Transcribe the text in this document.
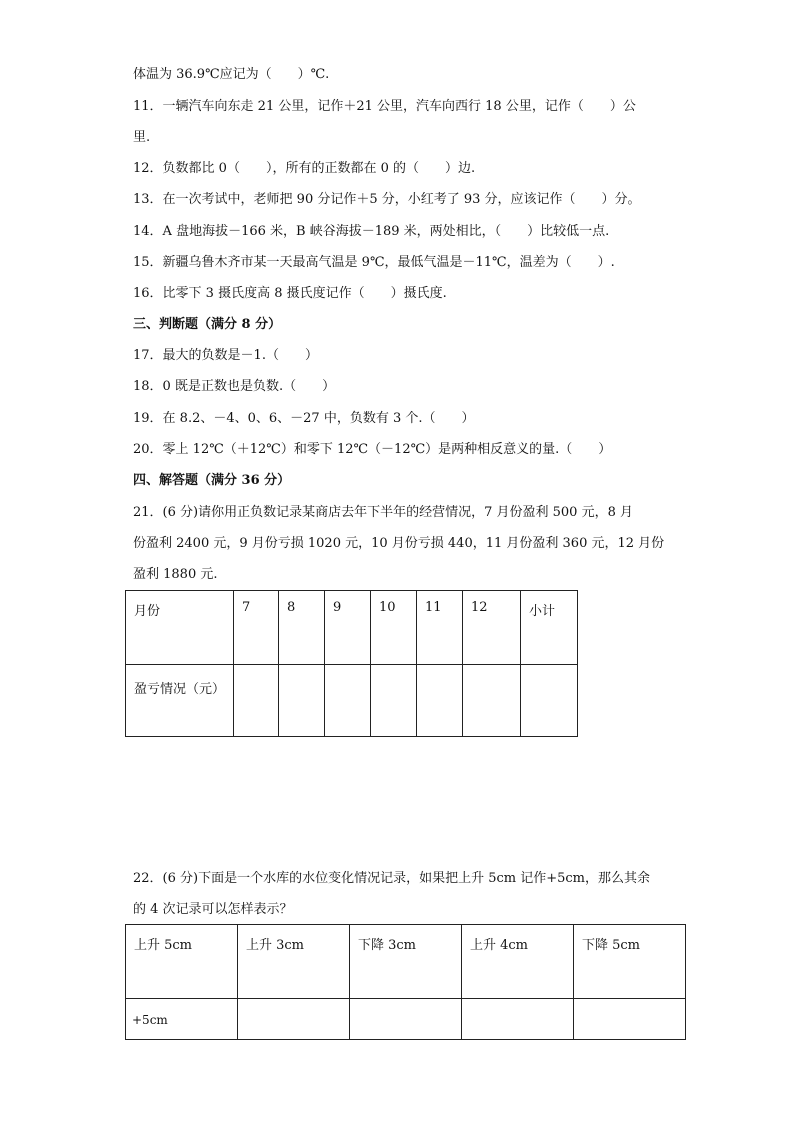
体温为 36.9℃应记为（　　）℃.
11．一辆汽车向东走 21 公里，记作＋21 公里，汽车向西行 18 公里，记作（　　）公
里.
12．负数都比 0（　　），所有的正数都在 0 的（　　）边.
13．在一次考试中，老师把 90 分记作＋5 分，小红考了 93 分，应该记作（　　）分。
14．A 盘地海拔－166 米，B 峡谷海拔－189 米，两处相比，（　　）比较低一点.
15．新疆乌鲁木齐市某一天最高气温是 9℃，最低气温是－11℃，温差为（　　）.
16．比零下 3 摄氏度高 8 摄氏度记作（　　）摄氏度.
三、判断题（满分 8 分）
17．最大的负数是－1.（　　）
18．0 既是正数也是负数.（　　）
19．在 8.2、－4、0、6、－27 中，负数有 3 个.（　　）
20．零上 12℃（＋12℃）和零下 12℃（－12℃）是两种相反意义的量.（　　）
四、解答题（满分 36 分）
21．(6 分)请你用正负数记录某商店去年下半年的经营情况，7 月份盈利 500 元，8 月
份盈利 2400 元，9 月份亏损 1020 元，10 月份亏损 440，11 月份盈利 360 元，12 月份
盈利 1880 元.
月份	7	8	9	10	11	12	小计

盈亏情况（元）							

22．(6 分)下面是一个水库的水位变化情况记录，如果把上升 5cm 记作+5cm，那么其余
的 4 次记录可以怎样表示？
上升 5cm	上升 3cm	下降 3cm	上升 4cm	下降 5cm

+5cm				
